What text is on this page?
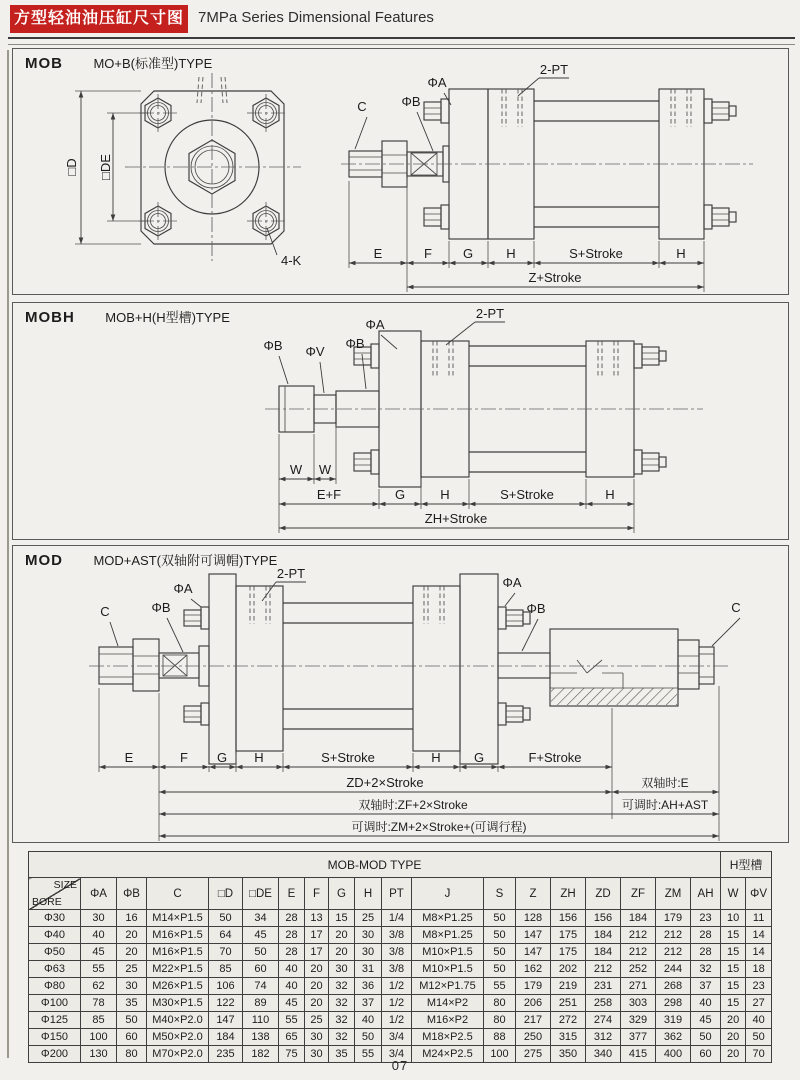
方型轻油油压缸尺寸图 7MPa Series Dimensional Features
MOB MO+B(标准型)TYPE
□D □DE
4-K
C	ΦB
ΦA
2-PT
E	F G	H	S+Stroke	H
Z+Stroke
MOBH MOB+H(H型槽)TYPE
ΦB ΦV
ΦB
ΦA
2-PT
W W
E+F	G	H	S+Stroke	H
ZH+Stroke
MOD MOD+AST(双轴附可调帽)TYPE
C	ΦB
ΦA
2-PT
ΦA
ΦB	C
E	F G H	S+Stroke	H	G	F+Stroke
ZD+2×Stroke	双轴时:E
双轴时:ZF+2×Stroke	可调时:AH+AST
可调时:ZM+2×Stroke+(可调行程)
MOB-MOD TYPE																			H型槽	

SIZE
BORE	ΦA	ΦB	C	□D	□DE	E	F	G	H	PT	J	S	Z	ZH	ZD	ZF	ZM	AH	W	ΦV
Φ30	30	16	M14×P1.5	50	34	28	13	15	25	1/4	M8×P1.25	50	128	156	156	184	179	23	10	11
Φ40	40	20	M16×P1.5	64	45	28	17	20	30	3/8	M8×P1.25	50	147	175	184	212	212	28	15	14
Φ50	45	20	M16×P1.5	70	50	28	17	20	30	3/8	M10×P1.5	50	147	175	184	212	212	28	15	14
Φ63	55	25	M22×P1.5	85	60	40	20	30	31	3/8	M10×P1.5	50	162	202	212	252	244	32	15	18
Φ80	62	30	M26×P1.5	106	74	40	20	32	36	1/2	M12×P1.75	55	179	219	231	271	268	37	15	23
Φ100	78	35	M30×P1.5	122	89	45	20	32	37	1/2	M14×P2	80	206	251	258	303	298	40	15	27
Φ125	85	50	M40×P2.0	147	110	55	25	32	40	1/2	M16×P2	80	217	272	274	329	319	45	20	40
Φ150	100	60	M50×P2.0	184	138	65	30	32	50	3/4	M18×P2.5	88	250	315	312	377	362	50	20	50
Φ200	130	80	M70×P2.0	235	182	75	30	35	55	3/4	M24×P2.5	100	275	350	340	415	400	60	20	70
07
